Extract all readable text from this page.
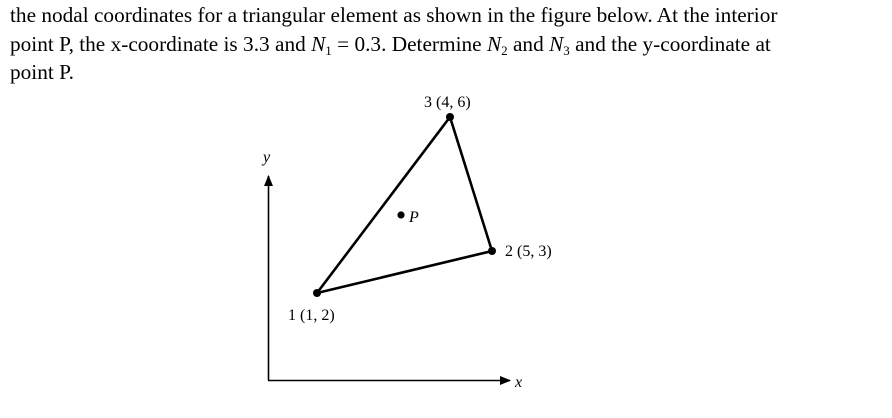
the nodal coordinates for a triangular element as shown in the figure below. At the interior
point P, the x-coordinate is 3.3 and $N_1 = 0.3$. Determine $N_2$ and $N_3$ and the y-coordinate at
point P.

y
x
1 (1, 2)
2 (5, 3)
3 (4, 6)
P
